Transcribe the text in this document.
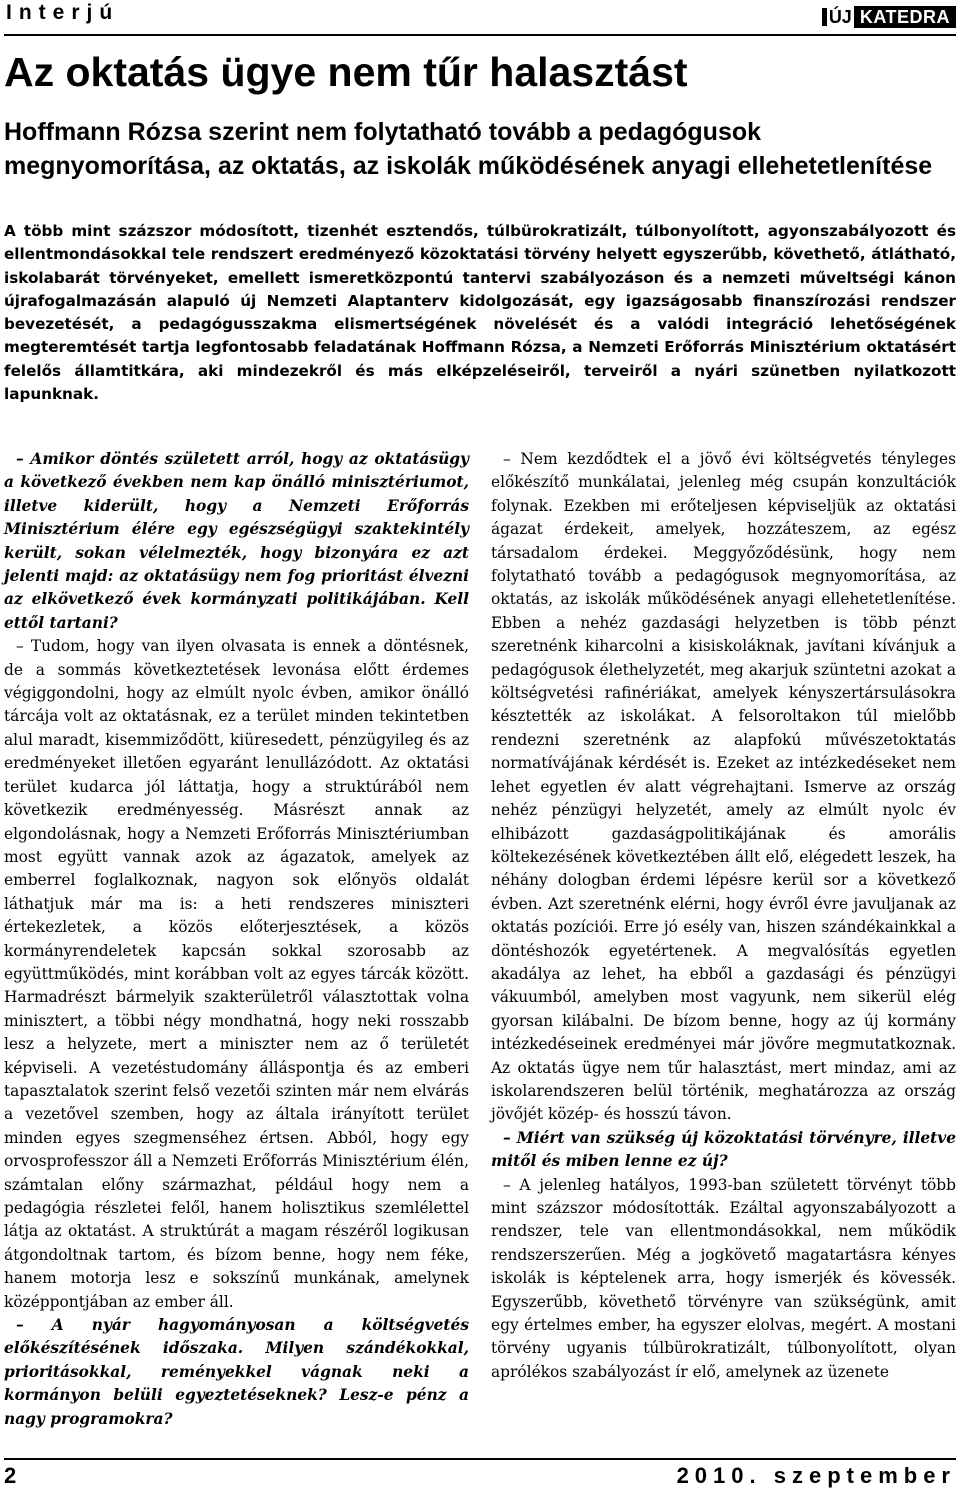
Interjú	ÚJ KATEDRA
Az oktatás ügye nem tűr halasztást
Hoffmann Rózsa szerint nem folytatható tovább a pedagógusok megnyomorítása, az oktatás, az iskolák működésének anyagi ellehetetlenítése

A több mint százszor módosított, tizenhét esztendős, túlbürokratizált, túlbonyolított, agyonszabályozott és ellentmondásokkal tele rendszert eredményező közoktatási törvény helyett egyszerűbb, követhető, átlátható, iskolabarát törvényeket, emellett ismeretközpontú tantervi szabályozáson és a nemzeti műveltségi kánon újrafogalmazásán alapuló új Nemzeti Alaptanterv kidolgozását, egy igazságosabb finanszírozási rendszer bevezetését, a pedagógusszakma elismertségének növelését és a valódi integráció lehetőségének megteremtését tartja legfontosabb feladatának Hoffmann Rózsa, a Nemzeti Erőforrás Minisztérium oktatásért felelős államtitkára, aki mindezekről és más elképzeléseiről, terveiről a nyári szünetben nyilatkozott lapunknak.

– Amikor döntés született arról, hogy az oktatásügy a következő években nem kap önálló minisztériumot, illetve kiderült, hogy a Nemzeti Erőforrás Minisztérium élére egy egészségügyi szaktekintély került, sokan vélelmezték, hogy bizonyára ez azt jelenti majd: az oktatásügy nem fog prioritást élvezni az elkövetkező évek kormányzati politikájában. Kell ettől tartani?

– Tudom, hogy van ilyen olvasata is ennek a döntésnek, de a sommás következtetések levonása előtt érdemes végiggondolni, hogy az elmúlt nyolc évben, amikor önálló tárcája volt az oktatásnak, ez a terület minden tekintetben alul maradt, kisemmiződött, kiüresedett, pénzügyileg és az eredményeket illetően egyaránt lenullázódott. Az oktatási terület kudarca jól láttatja, hogy a struktúrából nem következik eredményesség. Másrészt annak az elgondolásnak, hogy a Nemzeti Erőforrás Minisztériumban most együtt vannak azok az ágazatok, amelyek az emberrel foglalkoznak, nagyon sok előnyös oldalát láthatjuk már ma is: a heti rendszeres miniszteri értekezletek, a közös előterjesztések, a közös kormányrendeletek kapcsán sokkal szorosabb az együttműködés, mint korábban volt az egyes tárcák között. Harmadrészt bármelyik szakterületről választottak volna minisztert, a többi négy mondhatná, hogy neki rosszabb lesz a helyzete, mert a miniszter nem az ő területét képviseli. A vezetéstudomány álláspontja és az emberi tapasztalatok szerint felső vezetői szinten már nem elvárás a vezetővel szemben, hogy az általa irányított terület minden egyes szegmenséhez értsen. Abból, hogy egy orvosprofesszor áll a Nemzeti Erőforrás Minisztérium élén, számtalan előny származhat, például hogy nem a pedagógia részletei felől, hanem holisztikus szemlélettel látja az oktatást. A struktúrát a magam részéről logikusan átgondoltnak tartom, és bízom benne, hogy nem féke, hanem motorja lesz e sokszínű munkának, amelynek középpontjában az ember áll.

– A nyár hagyományosan a költségvetés előkészítésének időszaka. Milyen szándékokkal, prioritásokkal, reményekkel vágnak neki a kormányon belüli egyeztetéseknek? Lesz-e pénz a nagy programokra?

– Nem kezdődtek el a jövő évi költségvetés tényleges előkészítő munkálatai, jelenleg még csupán konzultációk folynak. Ezekben mi erőteljesen képviseljük az oktatási ágazat érdekeit, amelyek, hozzáteszem, az egész társadalom érdekei. Meggyőződésünk, hogy nem folytatható tovább a pedagógusok megnyomorítása, az oktatás, az iskolák működésének anyagi ellehetetlenítése. Ebben a nehéz gazdasági helyzetben is több pénzt szeretnénk kiharcolni a kisiskoláknak, javítani kívánjuk a pedagógusok élethelyzetét, meg akarjuk szüntetni azokat a költségvetési rafinériákat, amelyek kényszertársulásokra késztették az iskolákat. A felsoroltakon túl mielőbb rendezni szeretnénk az alapfokú művészetoktatás normatívájának kérdését is. Ezeket az intézkedéseket nem lehet egyetlen év alatt végrehajtani. Ismerve az ország nehéz pénzügyi helyzetét, amely az elmúlt nyolc év elhibázott gazdaságpolitikájának és amorális költekezésének következtében állt elő, elégedett leszek, ha néhány dologban érdemi lépésre kerül sor a következő évben. Azt szeretnénk elérni, hogy évről évre javuljanak az oktatás pozíciói. Erre jó esély van, hiszen szándékainkkal a döntéshozók egyetértenek. A megvalósítás egyetlen akadálya az lehet, ha ebből a gazdasági és pénzügyi vákuumból, amelyben most vagyunk, nem sikerül elég gyorsan kilábalni. De bízom benne, hogy az új kormány intézkedéseinek eredményei már jövőre megmutatkoznak. Az oktatás ügye nem tűr halasztást, mert mindaz, ami az iskolarendszeren belül történik, meghatározza az ország jövőjét közép- és hosszú távon.

– Miért van szükség új közoktatási törvényre, illetve mitől és miben lenne ez új?

– A jelenleg hatályos, 1993-ban született törvényt több mint százszor módosították. Ezáltal agyonszabályozott a rendszer, tele van ellentmondásokkal, nem működik rendszerszerűen. Még a jogkövető magatartásra kényes iskolák is képtelenek arra, hogy ismerjék és kövessék. Egyszerűbb, követhető törvényre van szükségünk, amit egy értelmes ember, ha egyszer elolvas, megért. A mostani törvény ugyanis túlbürokratizált, túlbonyolított, olyan aprólékos szabályozást ír elő, amelynek az üzenete

2	2010. szeptember
